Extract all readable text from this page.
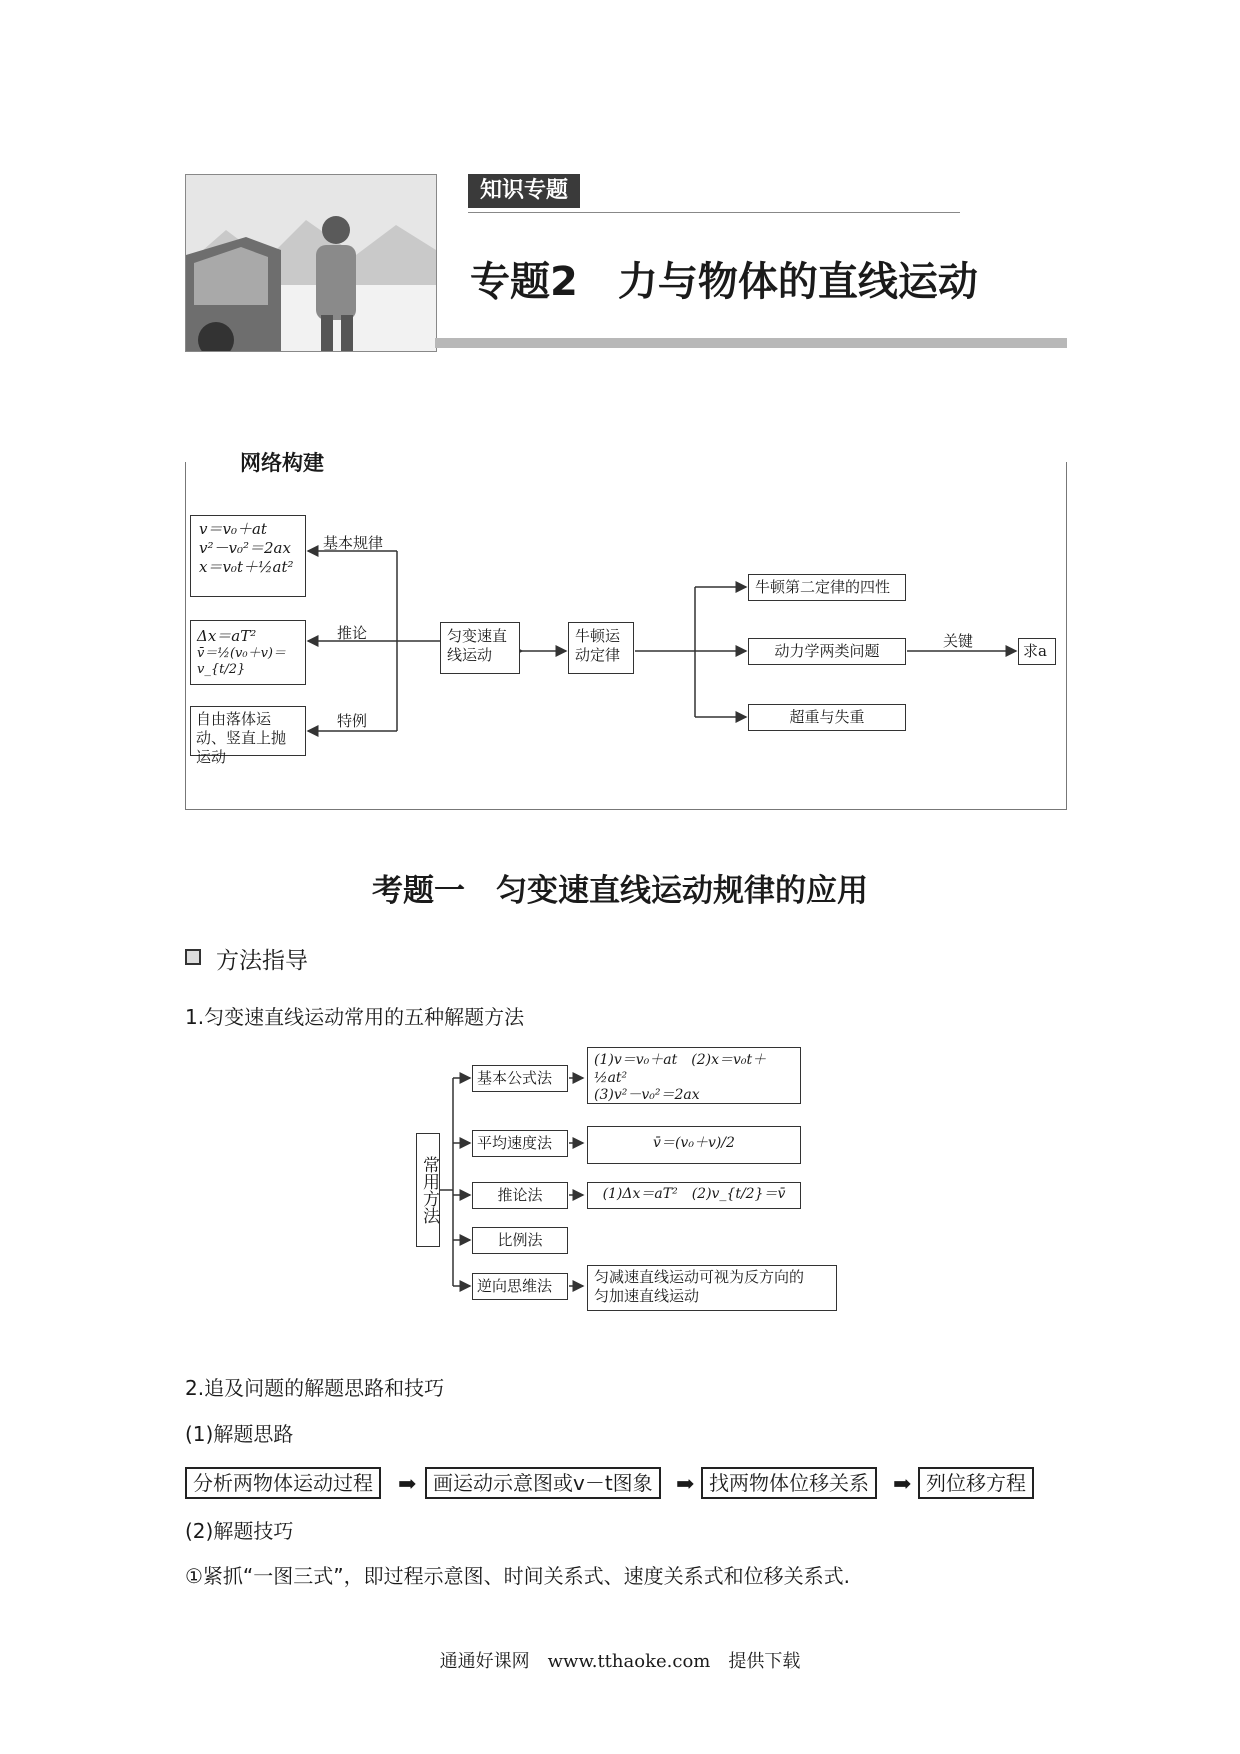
知识专题
专题2　力与物体的直线运动
网络构建
v＝v₀＋at
v²－v₀²＝2ax
x＝v₀t＋½at²
Δx＝aT²
v̄＝½(v₀＋v)＝v_{t/2}
自由落体运动、竖直上抛运动
基本规律
推论
特例
匀变速直线运动
牛顿运动定律
牛顿第二定律的四性
动力学两类问题
超重与失重
关键
求a
考题一　匀变速直线运动规律的应用
方法指导
1.匀变速直线运动常用的五种解题方法
常用方法
基本公式法
(1)v＝v₀＋at　(2)x＝v₀t＋½at²
(3)v²－v₀²＝2ax
平均速度法	v̄＝(v₀＋v)/2
推论法	(1)Δx＝aT²　(2)v_{t/2}＝v̄
比例法
逆向思维法	匀减速直线运动可视为反方向的
匀加速直线运动
2.追及问题的解题思路和技巧
(1)解题思路
分析两物体运动过程	➡ 画运动示意图或v－t图象	➡ 找两物体位移关系	➡ 列位移方程
(2)解题技巧
①紧抓“一图三式”，即过程示意图、时间关系式、速度关系式和位移关系式.
通通好课网　www.tthaoke.com　提供下载
